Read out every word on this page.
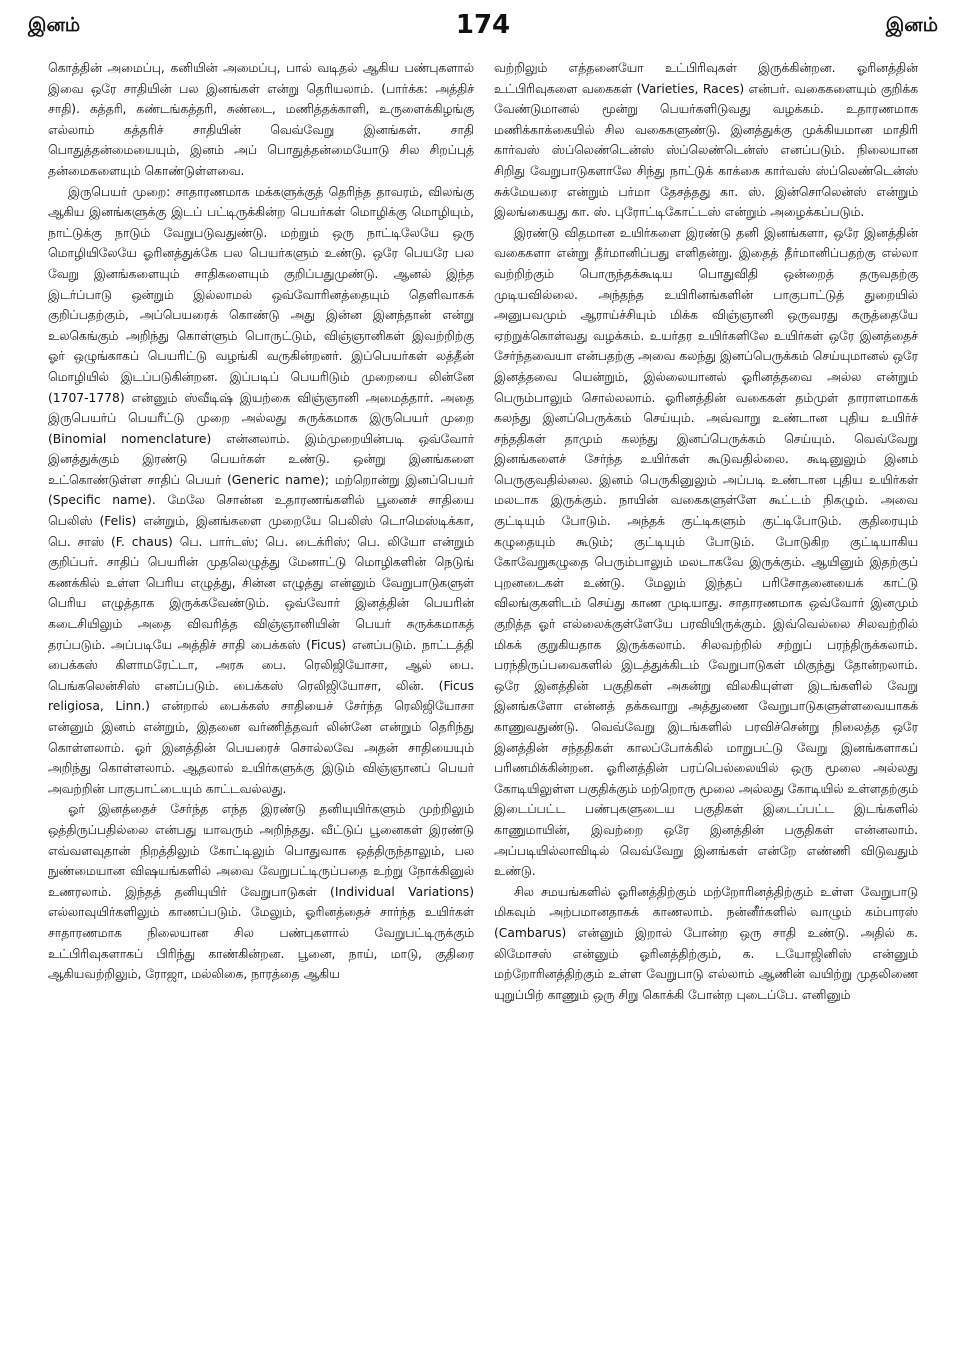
இனம்	174	இனம்

கொத்தின் அமைப்பு, கனியின் அமைப்பு, பால் வடிதல் ஆகிய பண்புகளால் இவை ஒரே சாதியின் பல இனங்கள் என்று தெரியலாம். (பார்க்க: அத்திச் சாதி). கத்தரி, கண்டங்கத்தரி, சுண்டை, மணித்தக்காளி, உருளைக்கிழங்கு எல்லாம் கத்தரிச் சாதியின் வெவ்வேறு இனங்கள். சாதி பொதுத்தன்மையையும், இனம் அப் பொதுத்தன்மையோடு சில சிறப்புத் தன்மைகளையும் கொண்டுள்ளவை.

இருபெயர் முறை: சாதாரணமாக மக்களுக்குத் தெரிந்த தாவரம், விலங்கு ஆகிய இனங்களுக்கு இடப் பட்டிருக்கின்ற பெயர்கள் மொழிக்கு மொழியும், நாட்டுக்கு நாடும் வேறுபடுவதுண்டு. மற்றும் ஒரு நாட்டிலேயே ஒரு மொழியிலேயே ஓரினத்துக்கே பல பெயர்களும் உண்டு. ஒரே பெயரே பல வேறு இனங்களையும் சாதிகளையும் குறிப்பதுமுண்டு. ஆனல் இந்த இடர்ப்பாடு ஒன்றும் இல்லாமல் ஒவ்வோரினத்தையும் தெளிவாகக் குறிப்பதற்கும், அப்பெயரைக் கொண்டு அது இன்ன இனந்தான் என்று உலகெங்கும் அறிந்து கொள்ளும் பொருட்டும், விஞ்ஞானிகள் இவற்றிற்கு ஓர் ஒழுங்காகப் பெயரிட்டு வழங்கி வருகின்றனர். இப்பெயர்கள் லத்தீன் மொழியில் இடப்படுகின்றன. இப்படிப் பெயரிடும் முறையை லின்னே (1707-1778) என்னும் ஸ்வீடிஷ் இயற்கை விஞ்ஞானி அமைத்தார். அதை இருபெயர்ப் பெயரீட்டு முறை அல்லது சுருக்கமாக இருபெயர் முறை (Binomial nomenclature) என்னலாம். இம்முறையின்படி ஒவ்வோர் இனத்துக்கும் இரண்டு பெயர்கள் உண்டு. ஒன்று இனங்களை உட்கொண்டுள்ள சாதிப் பெயர் (Generic name); மற்றொன்று இனப்பெயர் (Specific name). மேலே சொன்ன உதாரணங்களில் பூனைச் சாதியை பெலிஸ் (Felis) என்றும், இனங்களை முறையே பெலிஸ் டொமெஸ்டிக்கா, பெ. சாஸ் (F. chaus) பெ. பார்டஸ்; பெ. டைக்ரிஸ்; பெ. லியோ என்றும் குறிப்பர். சாதிப் பெயரின் முதலெழுத்து மேனாட்டு மொழிகளின் நெடுங் கணக்கில் உள்ள பெரிய எழுத்து, சின்ன எழுத்து என்னும் வேறுபாடுகளுள் பெரிய எழுத்தாக இருக்கவேண்டும். ஒவ்வோர் இனத்தின் பெயரின் கடைசியிலும் அதை விவரித்த விஞ்ஞானியின் பெயர் சுருக்கமாகத் தரப்படும். அப்படியே அத்திச் சாதி பைக்கஸ் (Ficus) எனப்படும். நாட்டத்தி பைக்கஸ் கிளாமரேட்டா, அரசு பை. ரெலிஜியோசா, ஆல் பை. பெங்கலென்சிஸ் எனப்படும். பைக்கஸ் ரெலிஜியோசா, லின். (Ficus religiosa, Linn.) என்றால் பைக்கஸ் சாதியைச் சேர்ந்த ரெலிஜியோசா என்னும் இனம் என்றும், இதனை வர்ணித்தவர் லின்னே என்றும் தெரிந்து கொள்ளலாம். ஓர் இனத்தின் பெயரைச் சொல்லவே அதன் சாதியையும் அறிந்து கொள்ளலாம். ஆதலால் உயிர்களுக்கு இடும் விஞ்ஞானப் பெயர் அவற்றின் பாகுபாட்டையும் காட்டவல்லது.

ஓர் இனத்தைச் சேர்ந்த எந்த இரண்டு தனியுயிர்களும் முற்றிலும் ஒத்திருப்பதில்லை என்பது யாவரும் அறிந்தது. வீட்டுப் பூனைகள் இரண்டு எவ்வளவுதான் நிறத்திலும் கோட்டிலும் பொதுவாக ஒத்திருந்தாலும், பல நுண்மையான விஷயங்களில் அவை வேறுபட்டிருப்பதை உற்று நோக்கினுல் உணரலாம். இந்தத் தனியுயிர் வேறுபாடுகள் (Individual Variations) எல்லாவுயிர்களிலும் காணப்படும். மேலும், ஓரினத்தைச் சார்ந்த உயிர்கள் சாதாரணமாக நிலையான சில பண்புகளால் வேறுபட்டிருக்கும் உட்பிரிவுகளாகப் பிரிந்து காண்கின்றன. பூனை, நாய், மாடு, குதிரை ஆகியவற்றிலும், ரோஜா, மல்லிகை, நாரத்தை ஆகிய

வற்றிலும் எத்தனையோ உட்பிரிவுகள் இருக்கின்றன. ஓரினத்தின் உட்பிரிவுகளை வகைகள் (Varieties, Races) என்பர். வகைகளையும் குறிக்க வேண்டுமானல் மூன்று பெயர்களிடுவது வழக்கம். உதாரணமாக மணிக்காக்கையில் சில வகைகளுண்டு. இனத்துக்கு முக்கியமான மாதிரி கார்வஸ் ஸ்ப்லெண்டென்ஸ் ஸ்ப்லெண்டென்ஸ் எனப்படும். நிலையான சிறிது வேறுபாடுகளாலே சிந்து நாட்டுக் காக்கை கார்வஸ் ஸ்ப்லெண்டென்ஸ் சுக்மேயரை என்றும் பர்மா தேசத்தது கா. ஸ். இன்சொலென்ஸ் என்றும் இலங்கையது கா. ஸ். புரோட்டிகோட்டஸ் என்றும் அழைக்கப்படும்.

இரண்டு விதமான உயிர்களை இரண்டு தனி இனங்களா, ஒரே இனத்தின் வகைகளா என்று தீர்மானிப்பது எளிதன்று. இதைத் தீர்மானிப்பதற்கு எல்லா வற்றிற்கும் பொருந்தக்கூடிய பொதுவிதி ஒன்றைத் தருவதற்கு முடியவில்லை. அந்தந்த உயிரினங்களின் பாகுபாட்டுத் துறையில் அனுபவமும் ஆராய்ச்சியும் மிக்க விஞ்ஞானி ஒருவரது கருத்தையே ஏற்றுக்கொள்வது வழக்கம். உயர்தர உயிர்களிலே உயிர்கள் ஒரே இனத்தைச் சேர்ந்தவையா என்பதற்கு அவை கலந்து இனப்பெருக்கம் செய்யுமானல் ஒரே இனத்தவை யென்றும், இல்லையானல் ஓரினத்தவை அல்ல என்றும் பெரும்பாலும் சொல்லலாம். ஓரினத்தின் வகைகள் தம்முள் தாராளமாகக் கலந்து இனப்பெருக்கம் செய்யும். அவ்வாறு உண்டான புதிய உயிர்ச் சந்ததிகள் தாமும் கலந்து இனப்பெருக்கம் செய்யும். வெவ்வேறு இனங்களைச் சேர்ந்த உயிர்கள் கூடுவதில்லை. கூடினுலும் இனம் பெருகுவதில்லை. இனம் பெருகினுலும் அப்படி உண்டான புதிய உயிர்கள் மலடாக இருக்கும். நாயின் வகைகளுள்ளே கூட்டம் நிகழும். அவை குட்டியும் போடும். அந்தக் குட்டிகளும் குட்டிபோடும். குதிரையும் கழுதையும் கூடும்; குட்டியும் போடும். போடுகிற குட்டியாகிய கோவேறுகழுதை பெரும்பாலும் மலடாகவே இருக்கும். ஆயினும் இதற்குப் புறனடைகள் உண்டு. மேலும் இந்தப் பரிசோதனையைக் காட்டு விலங்குகளிடம் செய்து காண முடியாது. சாதாரணமாக ஒவ்வோர் இனமும் குறித்த ஓர் எல்லைக்குள்ளேயே பரவியிருக்கும். இவ்வெல்லை சிலவற்றில் மிகக் குறுகியதாக இருக்கலாம். சிலவற்றில் சற்றுப் பரந்திருக்கலாம். பரந்திருப்பவைகளில் இடத்துக்கிடம் வேறுபாடுகள் மிகுந்து தோன்றலாம். ஒரே இனத்தின் பகுதிகள் அகன்று விலகியுள்ள இடங்களில் வேறு இனங்களோ என்னத் தக்கவாறு அத்துணை வேறுபாடுகளுள்ளவையாகக் காணுவதுண்டு. வெவ்வேறு இடங்களில் பரவிச்சென்று நிலைத்த ஒரே இனத்தின் சந்ததிகள் காலப்போக்கில் மாறுபட்டு வேறு இனங்களாகப் பரிணமிக்கின்றன. ஓரினத்தின் பரப்பெல்லையில் ஒரு மூலை அல்லது கோடியிலுள்ள பகுதிக்கும் மற்றொரு மூலை அல்லது கோடியில் உள்ளதற்கும் இடைப்பட்ட பண்புகளுடைய பகுதிகள் இடைப்பட்ட இடங்களில் காணுமாயின், இவற்றை ஒரே இனத்தின் பகுதிகள் என்னலாம். அப்படியில்லாவிடில் வெவ்வேறு இனங்கள் என்றே எண்ணி விடுவதும் உண்டு.

சில சமயங்களில் ஓரினத்திற்கும் மற்றோரினத்திற்கும் உள்ள வேறுபாடு மிகவும் அற்பமானதாகக் காணலாம். நன்னீர்களில் வாழும் கம்பாரஸ் (Cambarus) என்னும் இறால் போன்ற ஒரு சாதி உண்டு. அதில் க. லிமோசஸ் என்னும் ஓரினத்திற்கும், க. டயோஜினிஸ் என்னும் மற்றோரினத்திற்கும் உள்ள வேறுபாடு எல்லாம் ஆணின் வயிற்று முதலிணை யுறுப்பிற் காணும் ஒரு சிறு கொக்கி போன்ற புடைப்பே. எனினும்
